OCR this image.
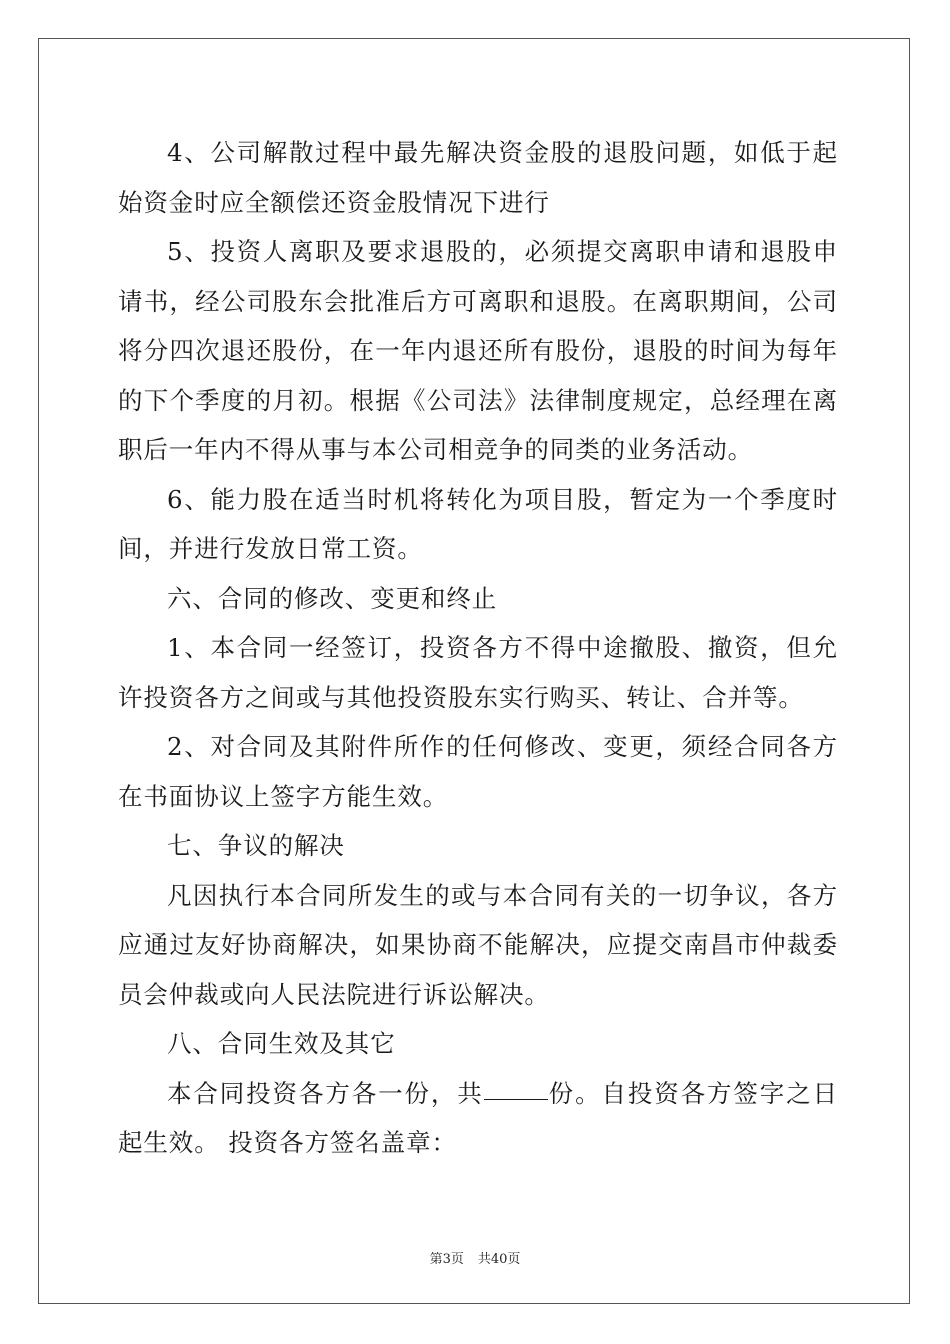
4、公司解散过程中最先解决资金股的退股问题，如低于起始资金时应全额偿还资金股情况下进行

5、投资人离职及要求退股的，必须提交离职申请和退股申请书，经公司股东会批准后方可离职和退股。在离职期间，公司将分四次退还股份，在一年内退还所有股份，退股的时间为每年的下个季度的月初。根据《公司法》法律制度规定，总经理在离职后一年内不得从事与本公司相竞争的同类的业务活动。

6、能力股在适当时机将转化为项目股，暂定为一个季度时间，并进行发放日常工资。

六、合同的修改、变更和终止

1、本合同一经签订，投资各方不得中途撤股、撤资，但允许投资各方之间或与其他投资股东实行购买、转让、合并等。

2、对合同及其附件所作的任何修改、变更，须经合同各方在书面协议上签字方能生效。

七、争议的解决

凡因执行本合同所发生的或与本合同有关的一切争议，各方应通过友好协商解决，如果协商不能解决，应提交南昌市仲裁委员会仲裁或向人民法院进行诉讼解决。

八、合同生效及其它

本合同投资各方各一份，共	份。自投资各方签字之日起生效。 投资各方签名盖章：

第3页 共40页
